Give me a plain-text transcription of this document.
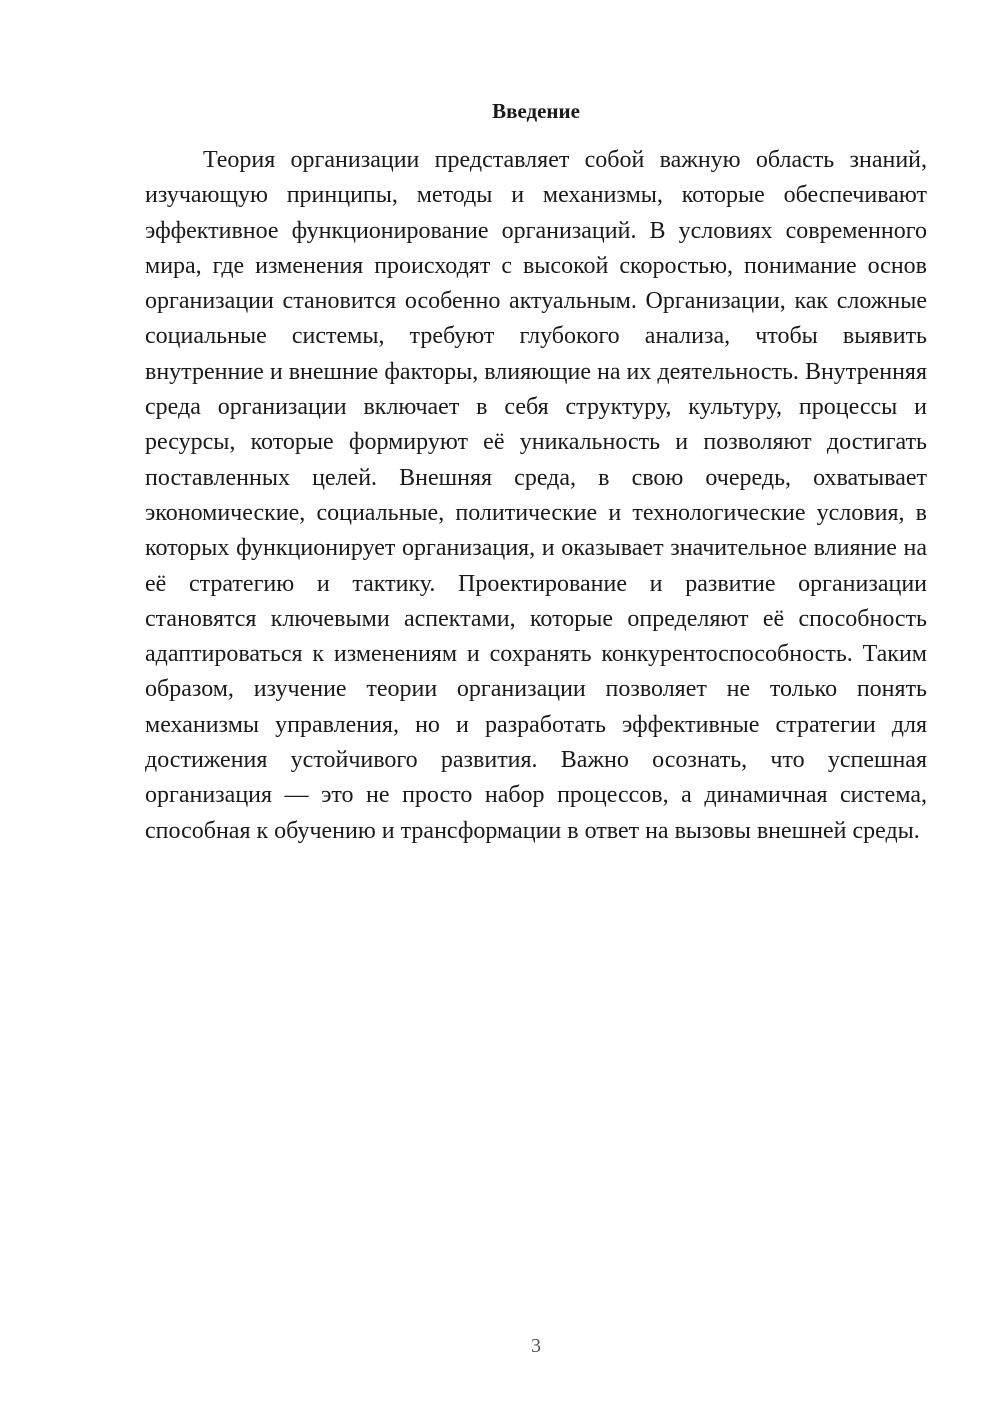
Введение

Теория организации представляет собой важную область знаний, изучающую принципы, методы и механизмы, которые обеспечивают эффективное функционирование организаций. В условиях современного мира, где изменения происходят с высокой скоростью, понимание основ организации становится особенно актуальным. Организации, как сложные социальные системы, требуют глубокого анализа, чтобы выявить внутренние и внешние факторы, влияющие на их деятельность. Внутренняя среда организации включает в себя структуру, культуру, процессы и ресурсы, которые формируют её уникальность и позволяют достигать поставленных целей. Внешняя среда, в свою очередь, охватывает экономические, социальные, политические и технологические условия, в которых функционирует организация, и оказывает значительное влияние на её стратегию и тактику. Проектирование и развитие организации становятся ключевыми аспектами, которые определяют её способность адаптироваться к изменениям и сохранять конкурентоспособность. Таким образом, изучение теории организации позволяет не только понять механизмы управления, но и разработать эффективные стратегии для достижения устойчивого развития. Важно осознать, что успешная организация — это не просто набор процессов, а динамичная система, способная к обучению и трансформации в ответ на вызовы внешней среды.

3
